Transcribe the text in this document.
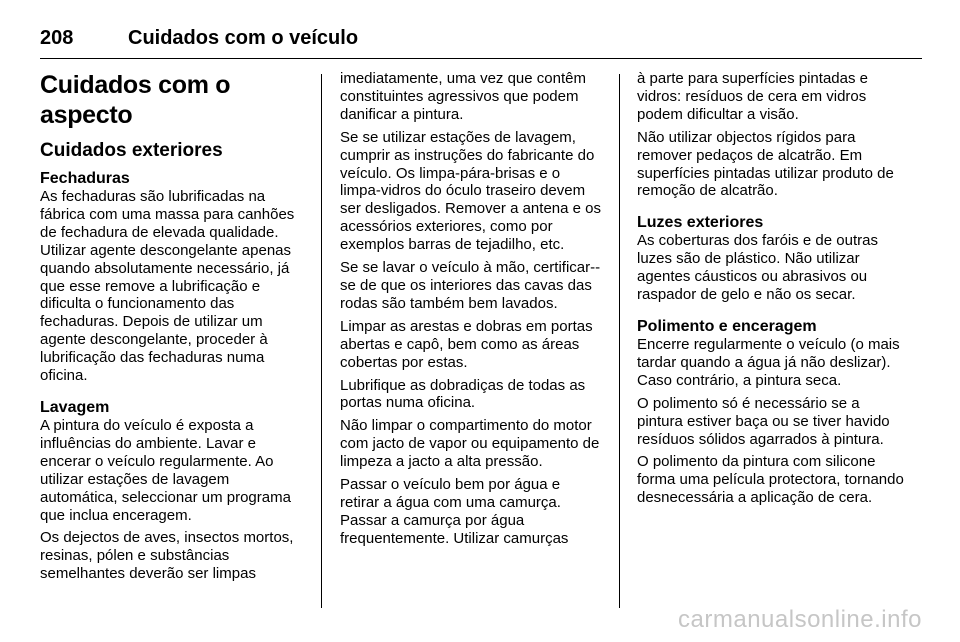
208	Cuidados com o veículo
Cuidados com o aspecto
Cuidados exteriores
Fechaduras

As fechaduras são lubrificadas na fábrica com uma massa para canhões de fechadura de elevada qualidade. Utilizar agente descongelante apenas quando absolutamente necessário, já que esse remove a lubrificação e dificulta o funcionamento das fechaduras. Depois de utilizar um agente descongelante, proceder à lubrificação das fechaduras numa oficina.

Lavagem

A pintura do veículo é exposta a influências do ambiente. Lavar e encerar o veículo regularmente. Ao utilizar estações de lavagem automática, seleccionar um programa que inclua enceragem.

Os dejectos de aves, insectos mortos, resinas, pólen e substâncias semelhantes deverão ser limpas

imediatamente, uma vez que contêm constituintes agressivos que podem danificar a pintura.

Se se utilizar estações de lavagem, cumprir as instruções do fabricante do veículo. Os limpa-pára-brisas e o limpa-vidros do óculo traseiro devem ser desligados. Remover a antena e os acessórios exteriores, como por exemplos barras de tejadilho, etc.

Se se lavar o veículo à mão, certificar--se de que os interiores das cavas das rodas são também bem lavados.

Limpar as arestas e dobras em portas abertas e capô, bem como as áreas cobertas por estas.

Lubrifique as dobradiças de todas as portas numa oficina.

Não limpar o compartimento do motor com jacto de vapor ou equipamento de limpeza a jacto a alta pressão.

Passar o veículo bem por água e retirar a água com uma camurça. Passar a camurça por água frequentemente. Utilizar camurças

à parte para superfícies pintadas e vidros: resíduos de cera em vidros podem dificultar a visão.

Não utilizar objectos rígidos para remover pedaços de alcatrão. Em superfícies pintadas utilizar produto de remoção de alcatrão.

Luzes exteriores

As coberturas dos faróis e de outras luzes são de plástico. Não utilizar agentes cáusticos ou abrasivos ou raspador de gelo e não os secar.

Polimento e enceragem

Encerre regularmente o veículo (o mais tardar quando a água já não deslizar). Caso contrário, a pintura seca.

O polimento só é necessário se a pintura estiver baça ou se tiver havido resíduos sólidos agarrados à pintura.

O polimento da pintura com silicone forma uma película protectora, tornando desnecessária a aplicação de cera.

carmanualsonline.info
